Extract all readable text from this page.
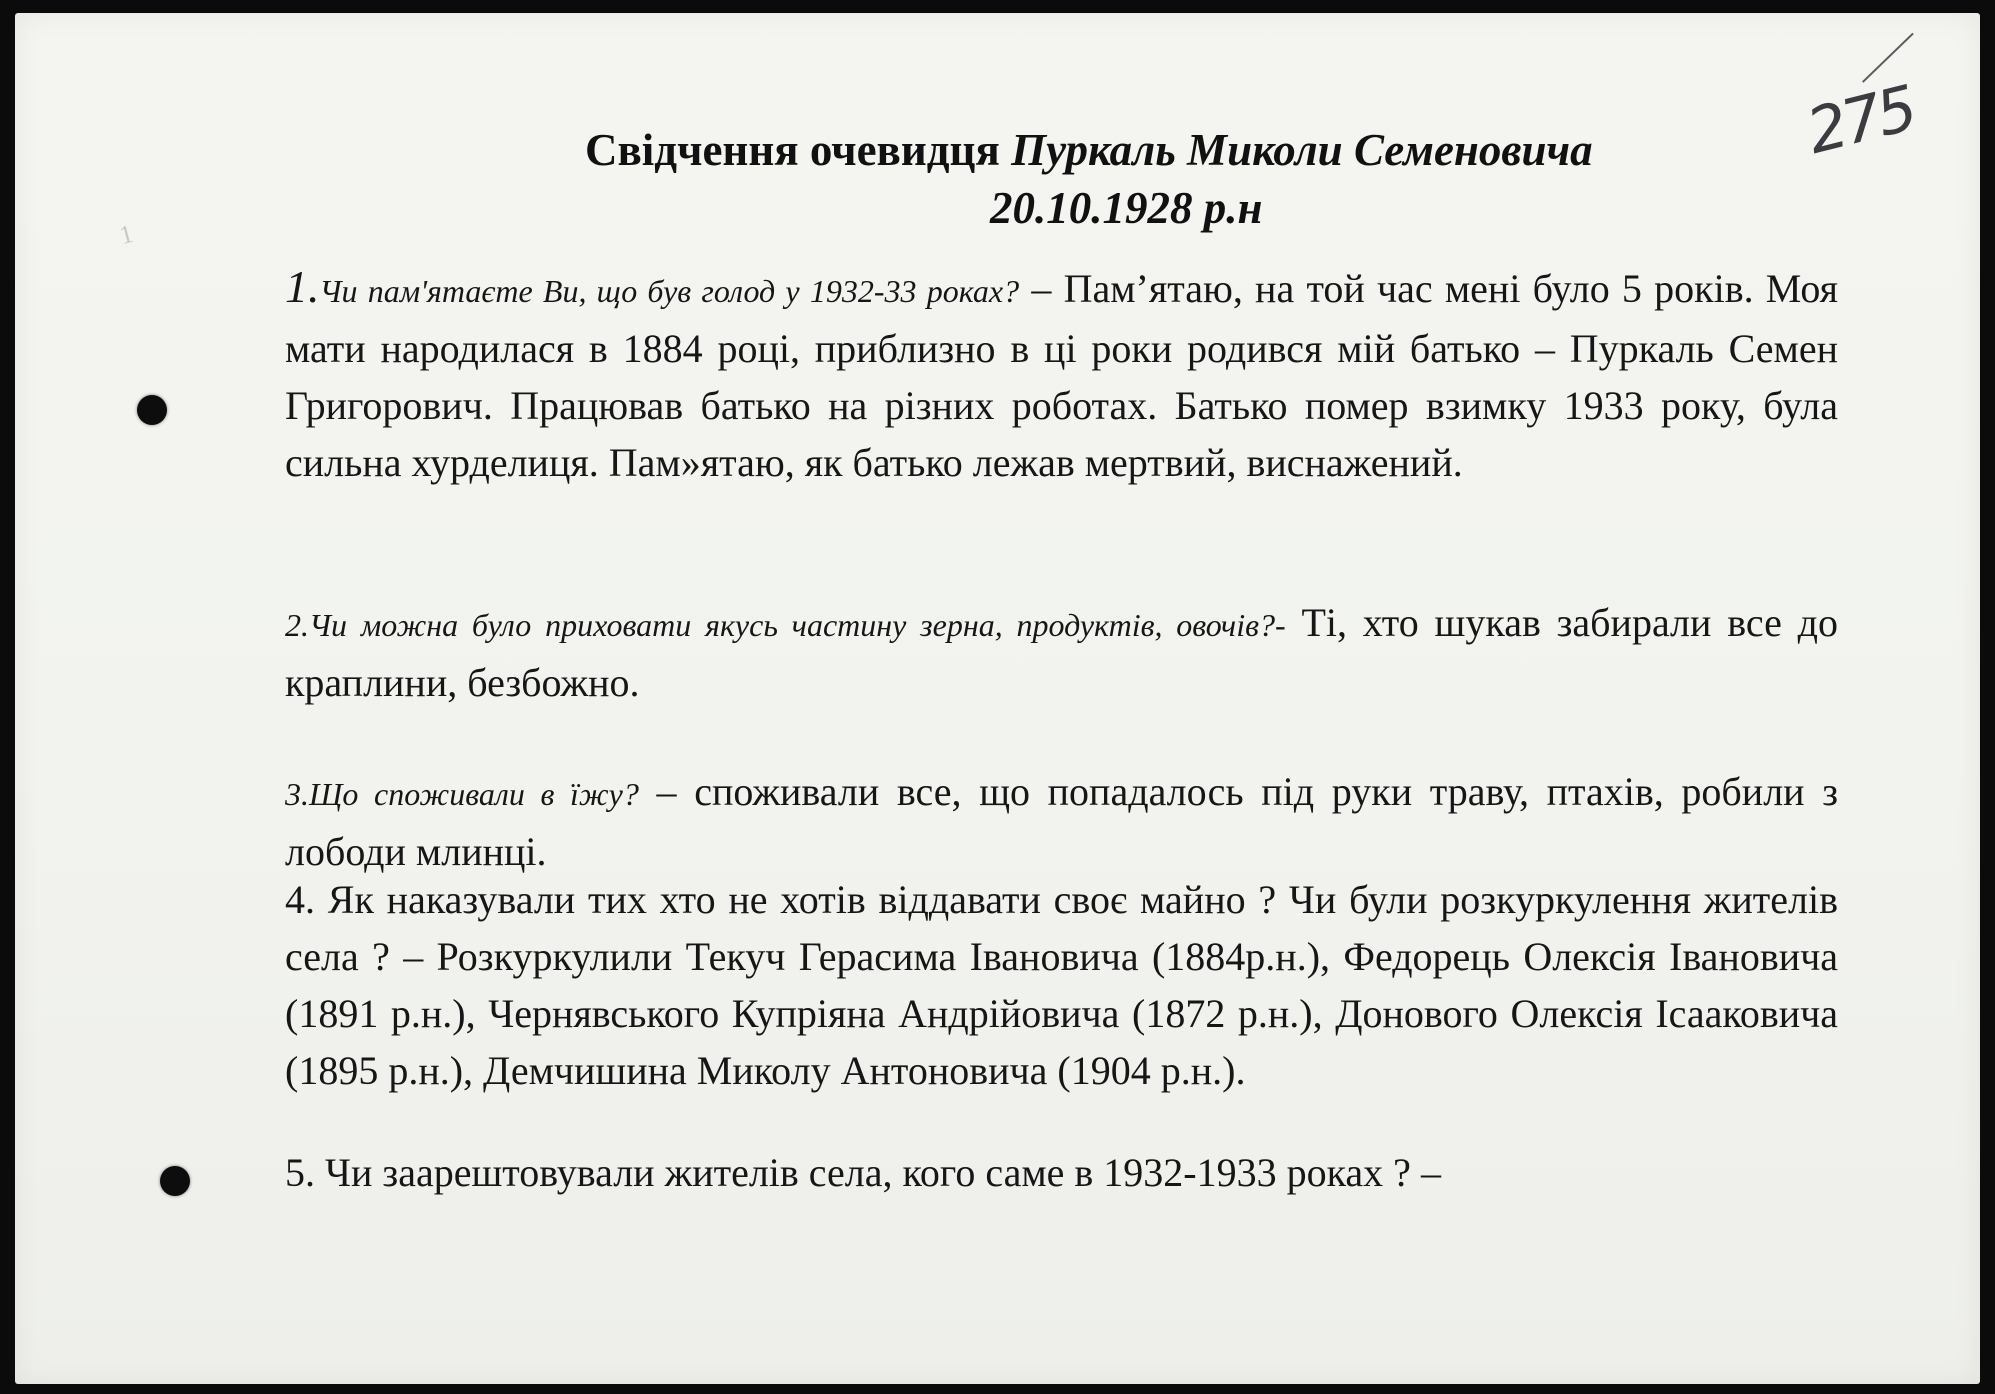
1
275
Свідчення очевидця Пуркаль Миколи Семеновича
20.10.1928 р.н
1.Чи пам'ятаєте Ви, що був голод у 1932-33 роках? – Пам’ятаю, на той час мені було 5 років. Моя мати народилася в 1884 році, приблизно в ці роки родився мій батько – Пуркаль Семен Григорович. Працював батько на різних роботах. Батько помер взимку 1933 року, була сильна хурделиця. Пам»ятаю, як батько лежав мертвий, виснажений.
2.Чи можна було приховати якусь частину зерна, продуктів, овочів?- Ті, хто шукав забирали все до краплини, безбожно.
3.Що споживали в їжу? – споживали все, що попадалось під руки траву, птахів, робили з лободи млинці.
4. Як наказували тих хто не хотів віддавати своє майно ? Чи були розкуркулення жителів села ? – Розкуркулили Текуч Герасима Івановича (1884р.н.), Федорець Олексія Івановича (1891 р.н.), Чернявського Купріяна Андрійовича (1872 р.н.), Донового Олексія Ісааковича (1895 р.н.), Демчишина Миколу Антоновича (1904 р.н.).
5. Чи заарештовували жителів села, кого саме в 1932-1933 роках ? –
